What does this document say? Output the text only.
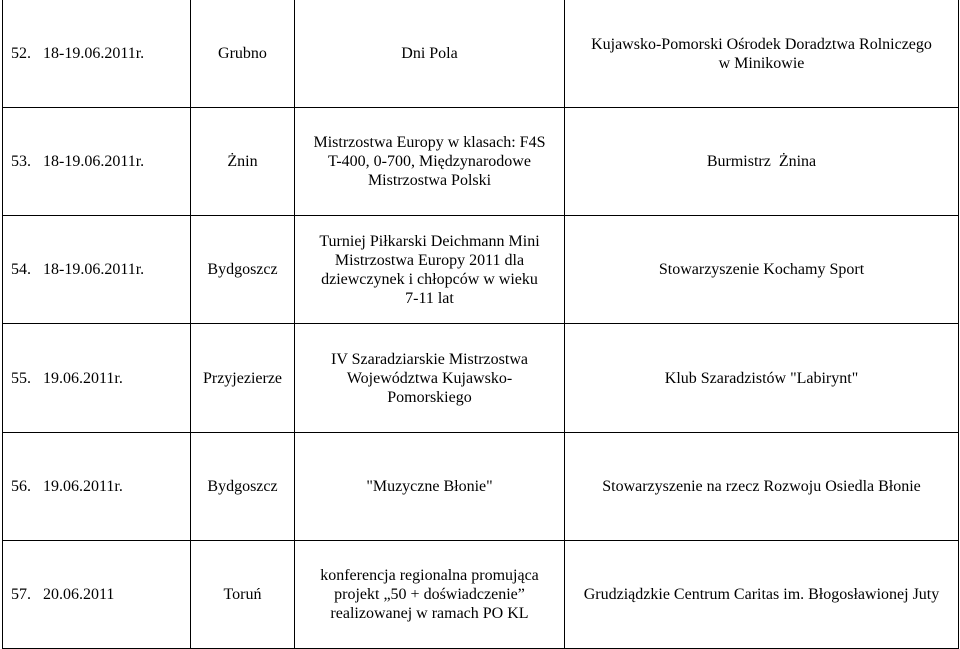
52. 18-19.06.2011r.	Grubno	Dni Pola	Kujawsko-Pomorski Ośrodek Doradztwa Rolniczego
w Minikowie

53. 18-19.06.2011r.	Żnin	Mistrzostwa Europy w klasach: F4S
T-400, 0-700, Międzynarodowe
Mistrzostwa Polski	Burmistrz  Żnina

54. 18-19.06.2011r.	Bydgoszcz	Turniej Piłkarski Deichmann Mini
Mistrzostwa Europy 2011 dla
dziewczynek i chłopców w wieku
7-11 lat	Stowarzyszenie Kochamy Sport

55. 19.06.2011r.	Przyjezierze	IV Szaradziarskie Mistrzostwa
Województwa Kujawsko-
Pomorskiego	Klub Szaradzistów "Labirynt"

56. 19.06.2011r.	Bydgoszcz	"Muzyczne Błonie"	Stowarzyszenie na rzecz Rozwoju Osiedla Błonie

57. 20.06.2011	Toruń	konferencja regionalna promująca
projekt „50 + doświadczenie”
realizowanej w ramach PO KL	Grudziądzkie Centrum Caritas im. Błogosławionej Juty
